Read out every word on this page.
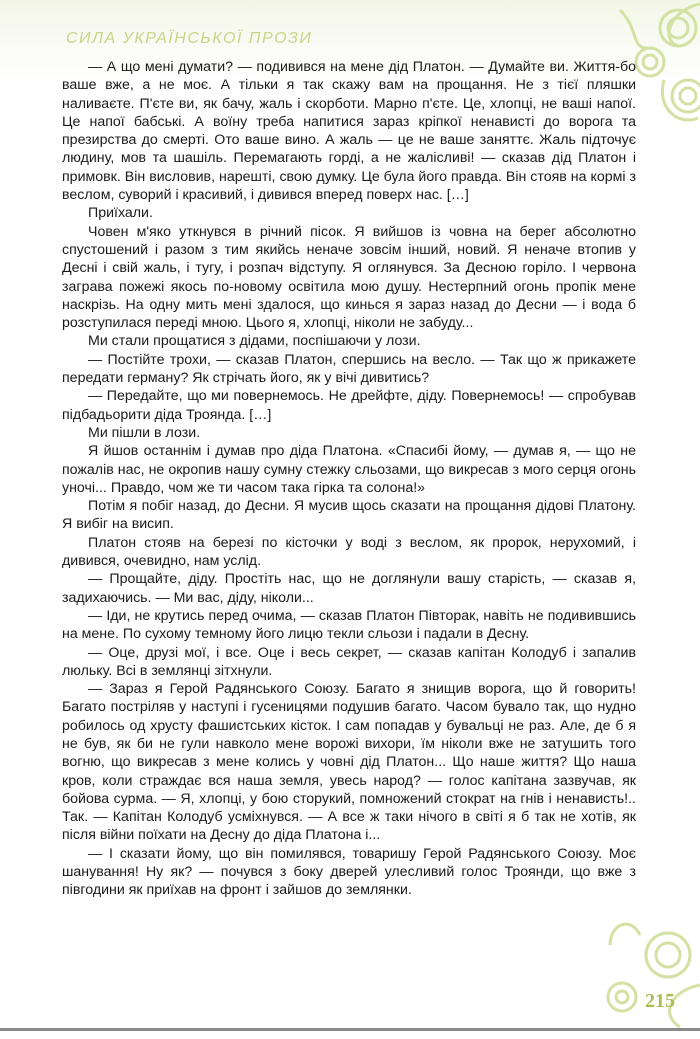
СИЛА УКРАЇНСЬКОЇ ПРОЗИ

— А що мені думати? — подивився на мене дід Платон. — Думайте ви. Життя-бо ваше вже, а не моє. А тільки я так скажу вам на прощання. Не з тієї пляшки наливаєте. П'єте ви, як бачу, жаль і скорботи. Марно п'єте. Це, хлопці, не ваші напої. Це напої бабські. А воїну треба напитися зараз кріпкої ненависті до ворога та презирства до смерті. Ото ваше вино. А жаль — це не ваше заняттє. Жаль підточує людину, мов та шашіль. Перемагають горді, а не жалісливі! — сказав дід Платон і примовк. Він висловив, нарешті, свою думку. Це була його правда. Він стояв на кормі з веслом, суворий і красивий, і дивився вперед поверх нас. […]

Приїхали.

Човен м'яко уткнувся в річний пісок. Я вийшов із човна на берег абсолютно спустошений і разом з тим якийсь неначе зовсім інший, новий. Я неначе втопив у Десні і свій жаль, і тугу, і розпач відступу. Я оглянувся. За Десною горіло. І червона заграва пожежі якось по-новому освітила мою душу. Нестерпний огонь пропік мене наскрізь. На одну мить мені здалося, що кинься я зараз назад до Десни — і вода б розступилася переді мною. Цього я, хлопці, ніколи не забуду...

Ми стали прощатися з дідами, поспішаючи у лози.

— Постійте трохи, — сказав Платон, спершись на весло. — Так що ж прикажете передати герману? Як стрічать його, як у вічі дивитись?

— Передайте, що ми повернемось. Не дрейфте, діду. Повернемось! — спробував підбадьорити діда Троянда. […]

Ми пішли в лози.

Я йшов останнім і думав про діда Платона. «Спасибі йому, — думав я, — що не пожалів нас, не окропив нашу сумну стежку сльозами, що викресав з мого серця огонь уночі... Правдо, чом же ти часом така гірка та солона!»

Потім я побіг назад, до Десни. Я мусив щось сказати на прощання дідові Платону. Я вибіг на висип.

Платон стояв на березі по кісточки у воді з веслом, як пророк, нерухомий, і дивився, очевидно, нам услід.

— Прощайте, діду. Простіть нас, що не доглянули вашу старість, — сказав я, задихаючись. — Ми вас, діду, ніколи...

— Іди, не крутись перед очима, — сказав Платон Півторак, навіть не подивившись на мене. По сухому темному його лицю текли сльози і падали в Десну.

— Оце, друзі мої, і все. Оце і весь секрет, — сказав капітан Колодуб і запалив люльку. Всі в землянці зітхнули.

— Зараз я Герой Радянського Союзу. Багато я знищив ворога, що й говорить! Багато постріляв у наступі і гусеницями подушив багато. Часом бувало так, що нудно робилось од хрусту фашистських кісток. І сам попадав у бувальці не раз. Але, де б я не був, як би не гули навколо мене ворожі вихори, їм ніколи вже не затушить того вогню, що викресав з мене колись у човні дід Платон... Що наше життя? Що наша кров, коли страждає вся наша земля, увесь народ? — голос капітана зазвучав, як бойова сурма. — Я, хлопці, у бою сторукий, помножений стократ на гнів і ненависть!.. Так. — Капітан Колодуб усміхнувся. — А все ж таки нічого в світі я б так не хотів, як після війни поїхати на Десну до діда Платона і...

— І сказати йому, що він помилявся, товаришу Герой Радянського Союзу. Моє шанування! Ну як? — почувся з боку дверей улесливий голос Троянди, що вже з півгодини як приїхав на фронт і зайшов до землянки.

215
